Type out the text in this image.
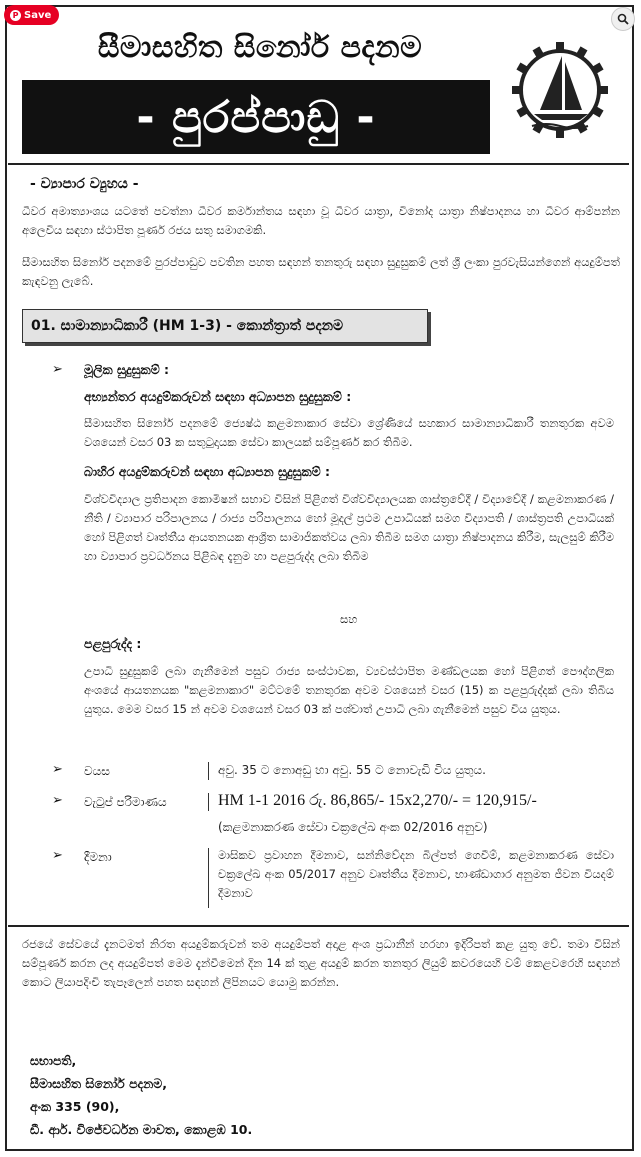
P Save
සීමාසහිත සිනෝර් පදනම
- පුරප්පාඩු -
- ව්‍යාපාර ව්‍යුහය -
ධීවර අමාත්‍යාංශය යටතේ පවත්නා ධීවර කර්මාන්තය සඳහා වූ ධීවර යාත්‍රා, විනෝද යාත්‍රා නිෂ්පාදනය හා ධීවර ආම්පන්න අලෙවිය සඳහා ස්ථාපිත පූර්ණ රජය සතු සමාගමකි.
සීමාසහිත සිනෝර් පදනමේ පුරප්පාඩුව පවතින පහත සඳහන් තනතුරු සඳහා සුදුසුකම් ලත් ශ්‍රී ලංකා පුරවැසියන්ගෙන් අයදුම්පත් කැඳවනු ලැබේ.
01. සාමාන්‍යාධිකාරී (HM 1-3) - කොන්ත්‍රාත් පදනම
➢ මූලික සුදුසුකම් :
අභ්‍යන්තර අයදුම්කරුවන් සඳහා අධ්‍යාපන සුදුසුකම් :
සීමාසහිත සිනෝර් පදනමේ ජ්‍යෙෂ්ඨ කළමනාකාර සේවා ශ්‍රේණියේ සහකාර සාමාන්‍යාධිකාරී තනතුරක අවම වශයෙන් වසර 03 ක සතුටුදායක සේවා කාලයක් සම්පූර්ණ කර තිබීම.
බාහිර අයදුම්කරුවන් සඳහා අධ්‍යාපන සුදුසුකම් :
විශ්වවිද්‍යාල ප්‍රතිපාදන කොමිෂන් සභාව විසින් පිළිගත් විශ්වවිද්‍යාලයක ශාස්ත්‍රවේදී / විද්‍යාවේදී / කළමනාකරණ / නීති / ව්‍යාපාර පරිපාලනය / රාජ්‍ය පරිපාලනය හෝ මූදල් ප්‍රථම උපාධියක් සමග විද්‍යාපති / ශාස්ත්‍රපති උපාධියක් හෝ පිළිගත් වෘත්තීය ආයතනයක ආශ්‍රිත සාමාජිකත්වය ලබා තිබීම සමග යාත්‍රා නිෂ්පාදනය කිරීම, සැලසුම් කිරීම හා ව්‍යාපාර ප්‍රවර්ධනය පිළිබඳ දැනුම හා පළපුරුද්ද ලබා තිබීම
සහ
පළපුරුද්ද :
උපාධි සුදුසුකම් ලබා ගැනීමෙන් පසුව රාජ්‍ය සංස්ථාවක, ව්‍යවස්ථාපිත මණ්ඩලයක හෝ පිළිගත් පෞද්ගලික අංශයේ ආයතනයක "කළමනාකාර" මට්ටමේ තනතුරක අවම වශයෙන් වසර (15) ක පළපුරුද්දක් ලබා තිබිය යුතුය. මෙම වසර 15 න් අවම වශයෙන් වසර 03 ක් පශ්චාත් උපාධි ලබා ගැනීමෙන් පසුව විය යුතුය.
➢ වයස	අවු. 35 ට නොඅඩු හා අවු. 55 ට නොවැඩි විය යුතුය.
➢ වැටුප් පරිමාණය	HM 1-1 2016 රු. 86,865/- 15x2,270/- = 120,915/-
(කළමනාකරණ සේවා චක්‍රලේඛ අංක 02/2016 අනුව)
➢ දීමනා	මාසිකව ප්‍රවාහන දීමනාව, සන්නිවේදන බිල්පත් ගෙවීම්, කළමනාකරණ සේවා චක්‍රලේඛ අංක 05/2017 අනුව වෘත්තීය දීමනාව, භාණ්ඩාගාර අනුමත ජීවන වියදම් දීමනාව
රජයේ සේවයේ දැනටමත් නිරත අයදුම්කරුවන් තම අයදුම්පත් අදාළ අංශ ප්‍රධානීන් හරහා ඉදිරිපත් කළ යුතු වේ. තමා විසින් සම්පූර්ණ කරන ලද අයදුම්පත් මෙම දැන්වීමෙන් දින 14 ක් තුළ අයදුම් කරන තනතුර ලියුම් කවරයෙහි වම් කෙළවරෙහි සඳහන් කොට ලියාපදිංචි තැපෑලෙන් පහත සඳහන් ලිපිනයට යොමු කරන්න.
සභාපති,
සීමාසහිත සිනෝර් පදනම,
අංක 335 (90),
ඩී. ආර්. විජේවර්ධන මාවත, කොළඹ 10.
